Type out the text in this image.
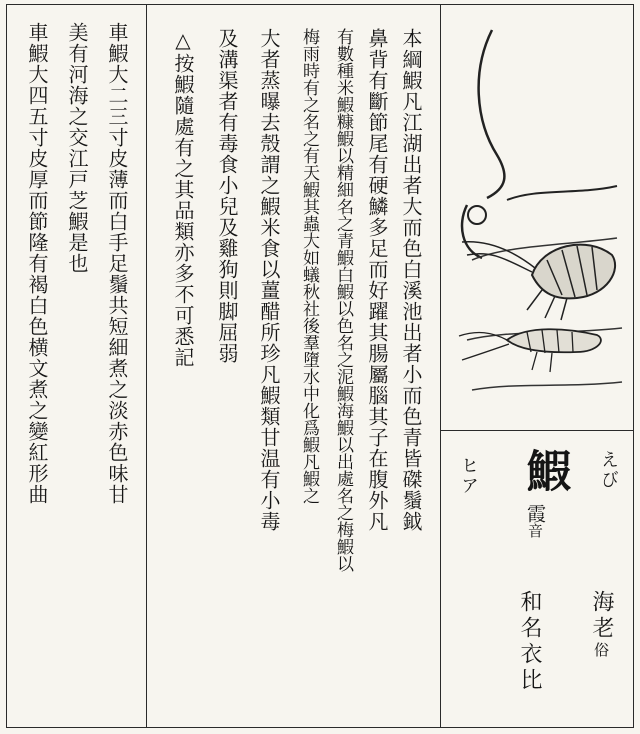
えび
海老俗
鰕
霞音
和名衣比
ヒア
本綱鰕凡江湖出者大而色白溪池出者小而色青皆磔鬚鉞
鼻背有斷節尾有硬鱗多足而好躍其腸屬腦其子在腹外凡
有數種米鰕糠鰕以精細名之青鰕白鰕以色名之泥鰕海鰕以出處名之梅鰕以
梅雨時有之名之有天鰕其蟲大如蟻秋社後羣墮水中化爲鰕凡鰕之
大者蒸曝去殼謂之鰕米食以薑醋所珍凡鰕類甘温有小毒
及溝渠者有毒食小兒及雞狗則脚屈弱
△按鰕隨處有之其品類亦多不可悉記
車鰕大二三寸皮薄而白手足鬚共短細煮之淡赤色味甘
美有河海之交江戸芝鰕是也
車鰕大四五寸皮厚而節隆有褐白色横文煮之變紅形曲
